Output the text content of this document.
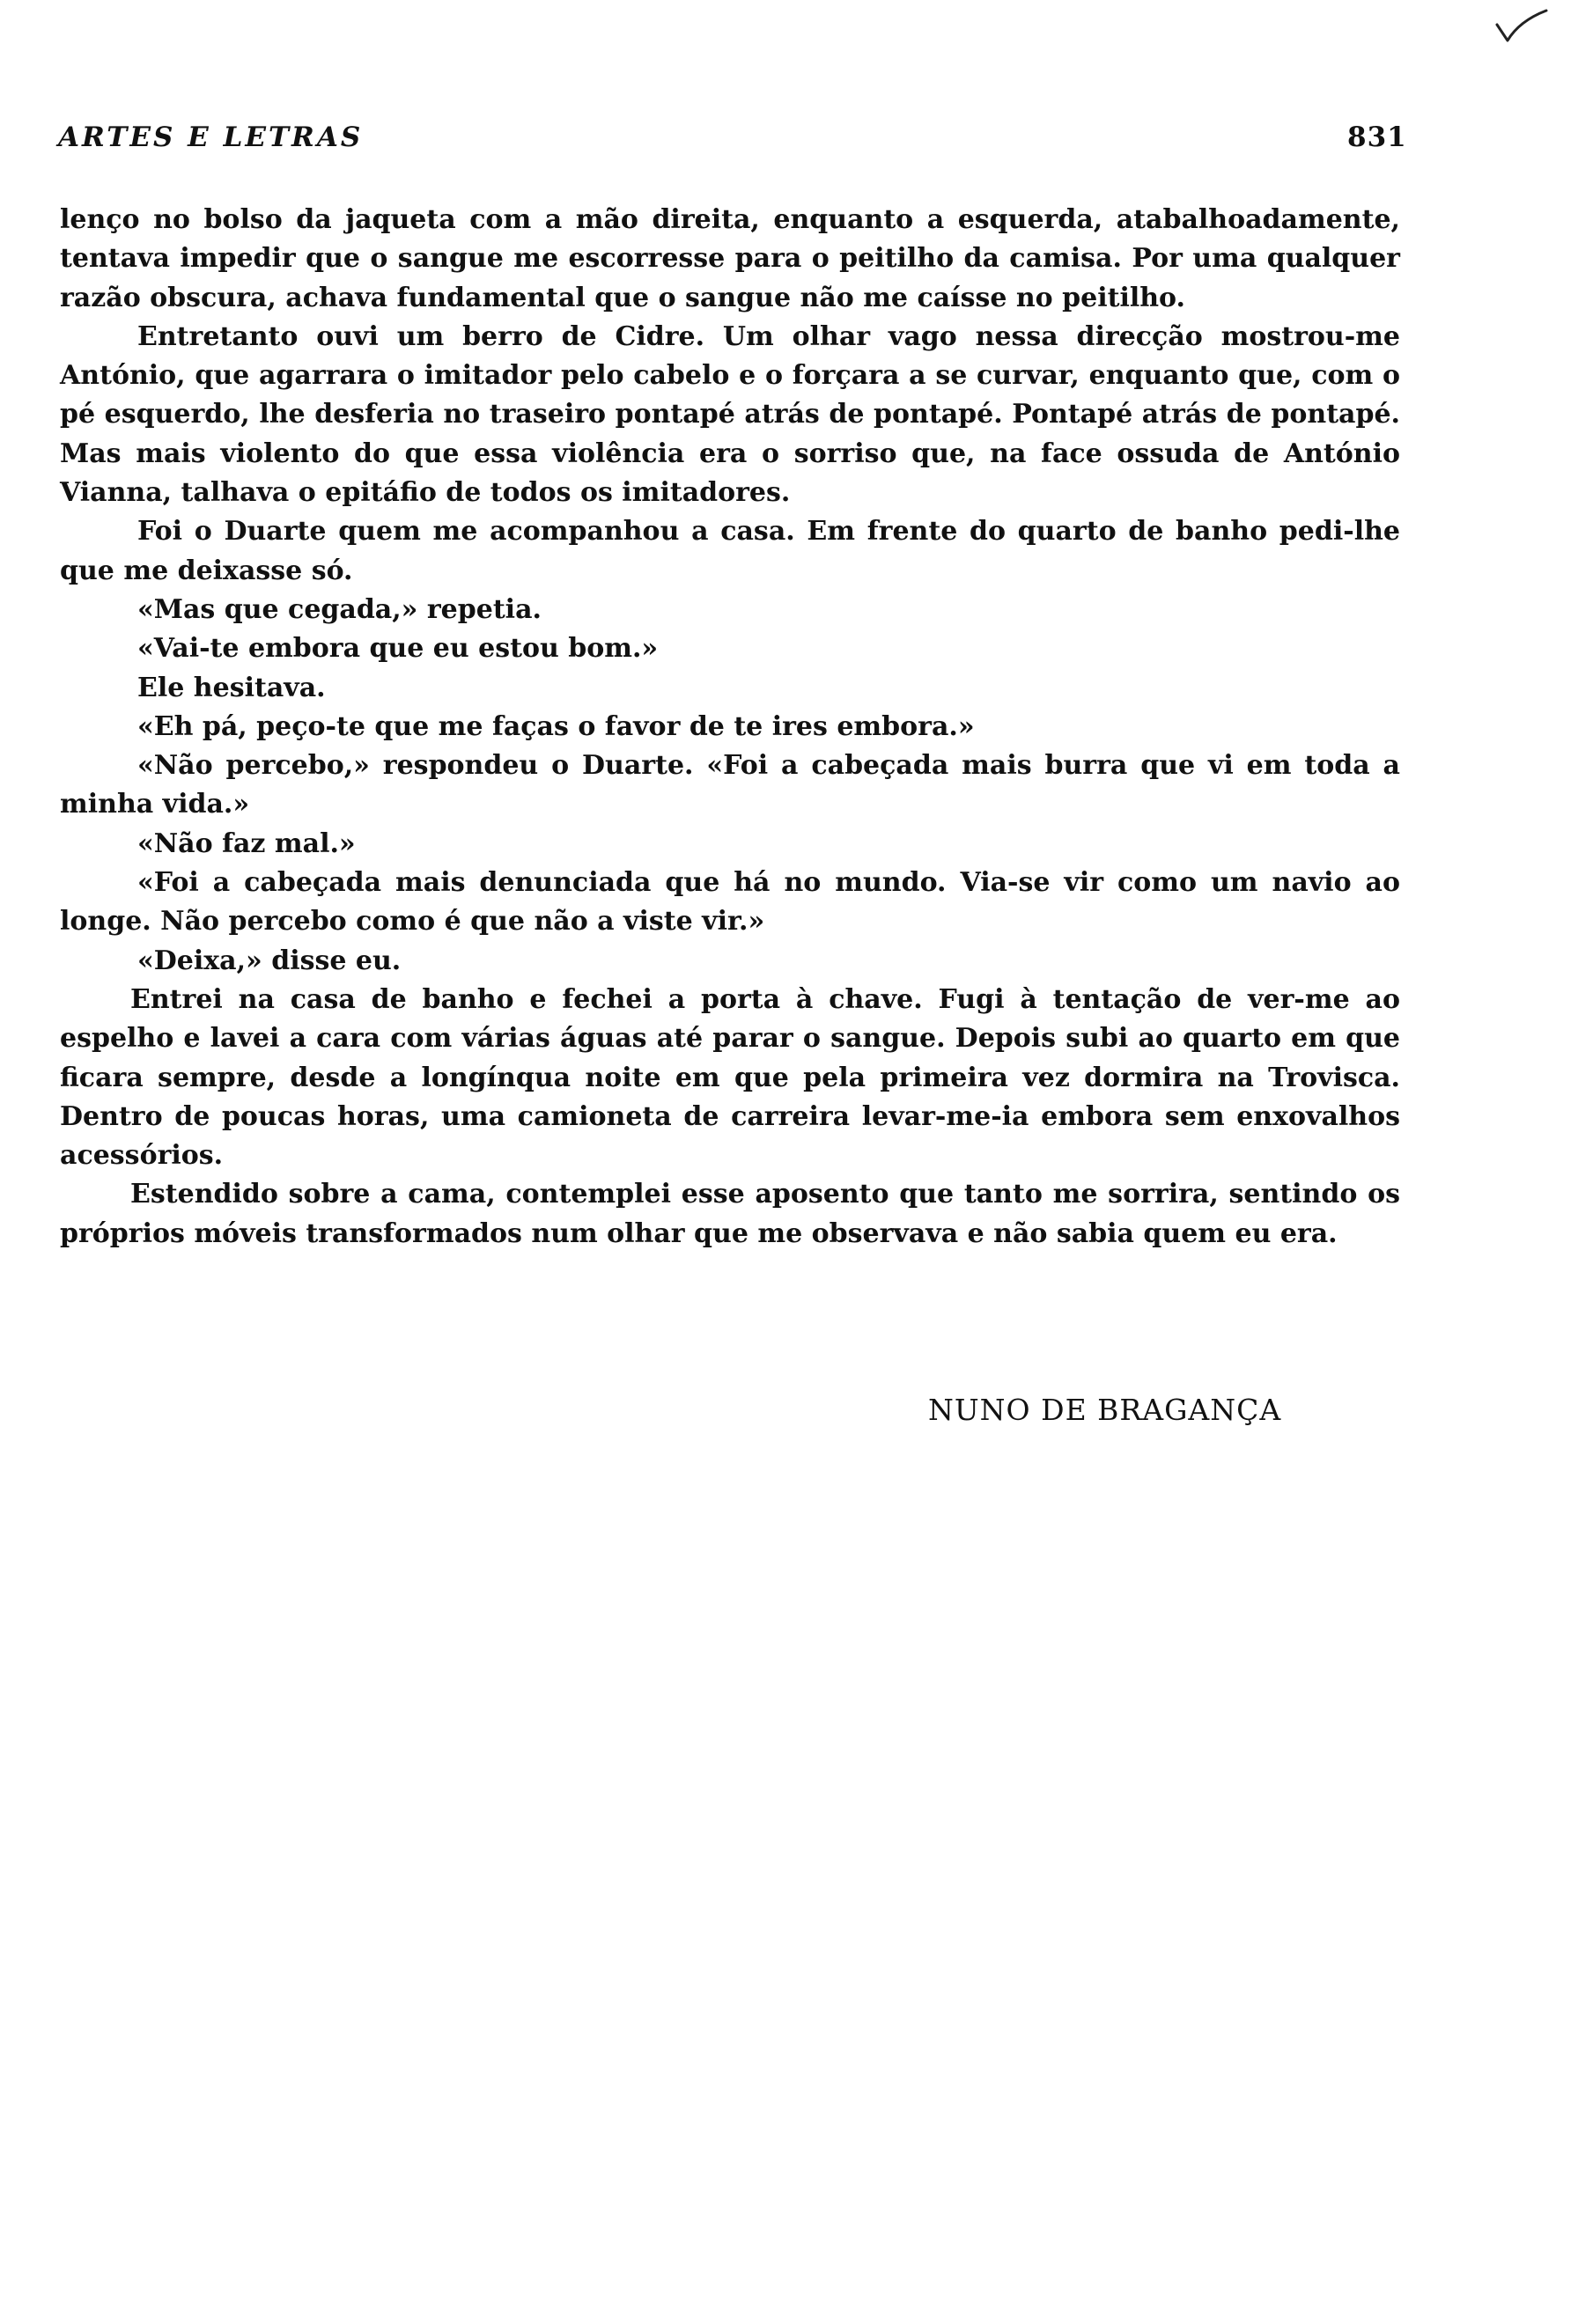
ARTES E LETRAS	831

lenço no bolso da jaqueta com a mão direita, enquanto a esquerda, atabalhoadamente, tentava impedir que o sangue me escorresse para o peitilho da camisa. Por uma qualquer razão obscura, achava fundamental que o sangue não me caísse no peitilho.

Entretanto ouvi um berro de Cidre. Um olhar vago nessa direcção mostrou-me António, que agarrara o imitador pelo cabelo e o forçara a se curvar, enquanto que, com o pé esquerdo, lhe desferia no traseiro pontapé atrás de pontapé. Pontapé atrás de pontapé. Mas mais violento do que essa violência era o sorriso que, na face ossuda de António Vianna, talhava o epitáfio de todos os imitadores.

Foi o Duarte quem me acompanhou a casa. Em frente do quarto de banho pedi-lhe que me deixasse só.

«Mas que cegada,» repetia.

«Vai-te embora que eu estou bom.»

Ele hesitava.

«Eh pá, peço-te que me faças o favor de te ires embora.»

«Não percebo,» respondeu o Duarte. «Foi a cabeçada mais burra que vi em toda a minha vida.»

«Não faz mal.»

«Foi a cabeçada mais denunciada que há no mundo. Via-se vir como um navio ao longe. Não percebo como é que não a viste vir.»

«Deixa,» disse eu.

Entrei na casa de banho e fechei a porta à chave. Fugi à tentação de ver-me ao espelho e lavei a cara com várias águas até parar o sangue. Depois subi ao quarto em que ficara sempre, desde a longínqua noite em que pela primeira vez dormira na Trovisca. Dentro de poucas horas, uma camioneta de carreira levar-me-ia embora sem enxovalhos acessórios.

Estendido sobre a cama, contemplei esse aposento que tanto me sorrira, sentindo os próprios móveis transformados num olhar que me observava e não sabia quem eu era.

NUNO DE BRAGANÇA
